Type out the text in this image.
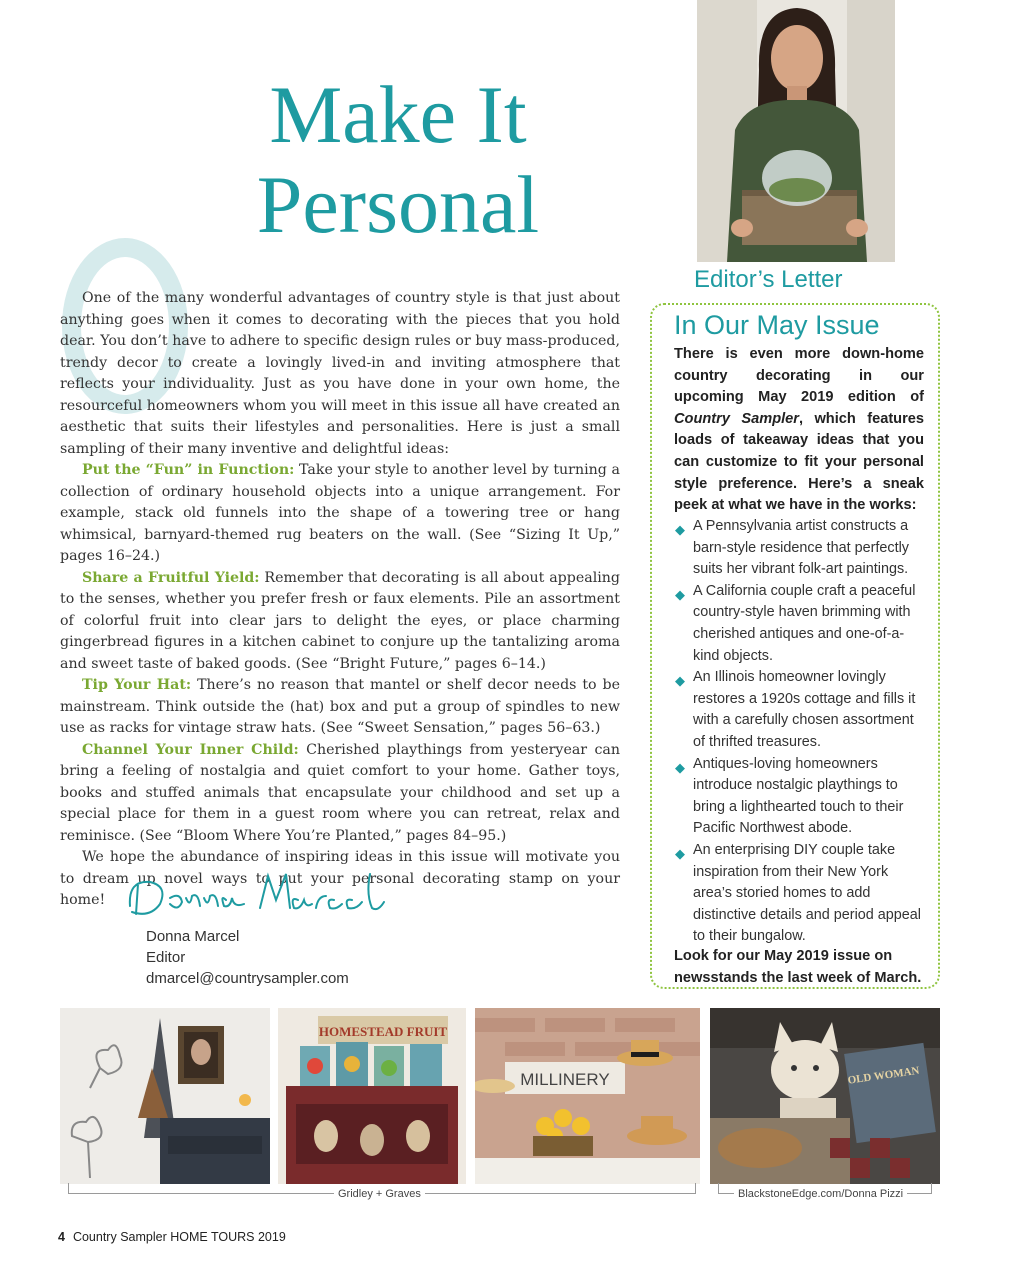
Make It
Personal
Editor’s Letter

One of the many wonderful advantages of country style is that just about anything goes when it comes to decorating with the pieces that you hold dear. You don’t have to adhere to specific design rules or buy mass-produced, trendy decor to create a lovingly lived-in and inviting atmosphere that reflects your individuality. Just as you have done in your own home, the resourceful homeowners whom you will meet in this issue all have created an aesthetic that suits their lifestyles and personalities. Here is just a small sampling of their many inventive and delightful ideas:

Put the “Fun” in Function: Take your style to another level by turning a collection of ordinary household objects into a unique arrangement. For example, stack old funnels into the shape of a towering tree or hang whimsical, barnyard-themed rug beaters on the wall. (See “Sizing It Up,” pages 16–24.)

Share a Fruitful Yield: Remember that decorating is all about appealing to the senses, whether you prefer fresh or faux elements. Pile an assortment of colorful fruit into clear jars to delight the eyes, or place charming gingerbread figures in a kitchen cabinet to conjure up the tantalizing aroma and sweet taste of baked goods. (See “Bright Future,” pages 6–14.)

Tip Your Hat: There’s no reason that mantel or shelf decor needs to be mainstream. Think outside the (hat) box and put a group of spindles to new use as racks for vintage straw hats. (See “Sweet Sensation,” pages 56–63.)

Channel Your Inner Child: Cherished playthings from yesteryear can bring a feeling of nostalgia and quiet comfort to your home. Gather toys, books and stuffed animals that encapsulate your childhood and set up a special place for them in a guest room where you can retreat, relax and reminisce. (See “Bloom Where You’re Planted,” pages 84–95.)

We hope the abundance of inspiring ideas in this issue will motivate you to dream up novel ways to put your personal decorating stamp on your home!

Donna Marcel
Editor
dmarcel@countrysampler.com
In Our May Issue
There is even more down-home country decorating in our upcoming May 2019 edition of Country Sampler, which features loads of takeaway ideas that you can customize to fit your personal style preference. Here’s a sneak peek at what we have in the works:
◆ A Pennsylvania artist constructs a barn-style residence that perfectly suits her vibrant folk-art paintings.
◆ A California couple craft a peaceful country-style haven brimming with cherished antiques and one-of-a-kind objects.
◆ An Illinois homeowner lovingly restores a 1920s cottage and fills it with a carefully chosen assortment of thrifted treasures.
◆ Antiques-loving homeowners introduce nostalgic playthings to bring a lighthearted touch to their Pacific Northwest abode.
◆ An enterprising DIY couple take inspiration from their New York area’s storied homes to add distinctive details and period appeal to their bungalow.
Look for our May 2019 issue on newsstands the last week of March.
HOMESTEAD FRUIT
MILLINERY	OLD WOMAN
Gridley + Graves	BlackstoneEdge.com/Donna Pizzi
4 Country Sampler HOME TOURS 2019
